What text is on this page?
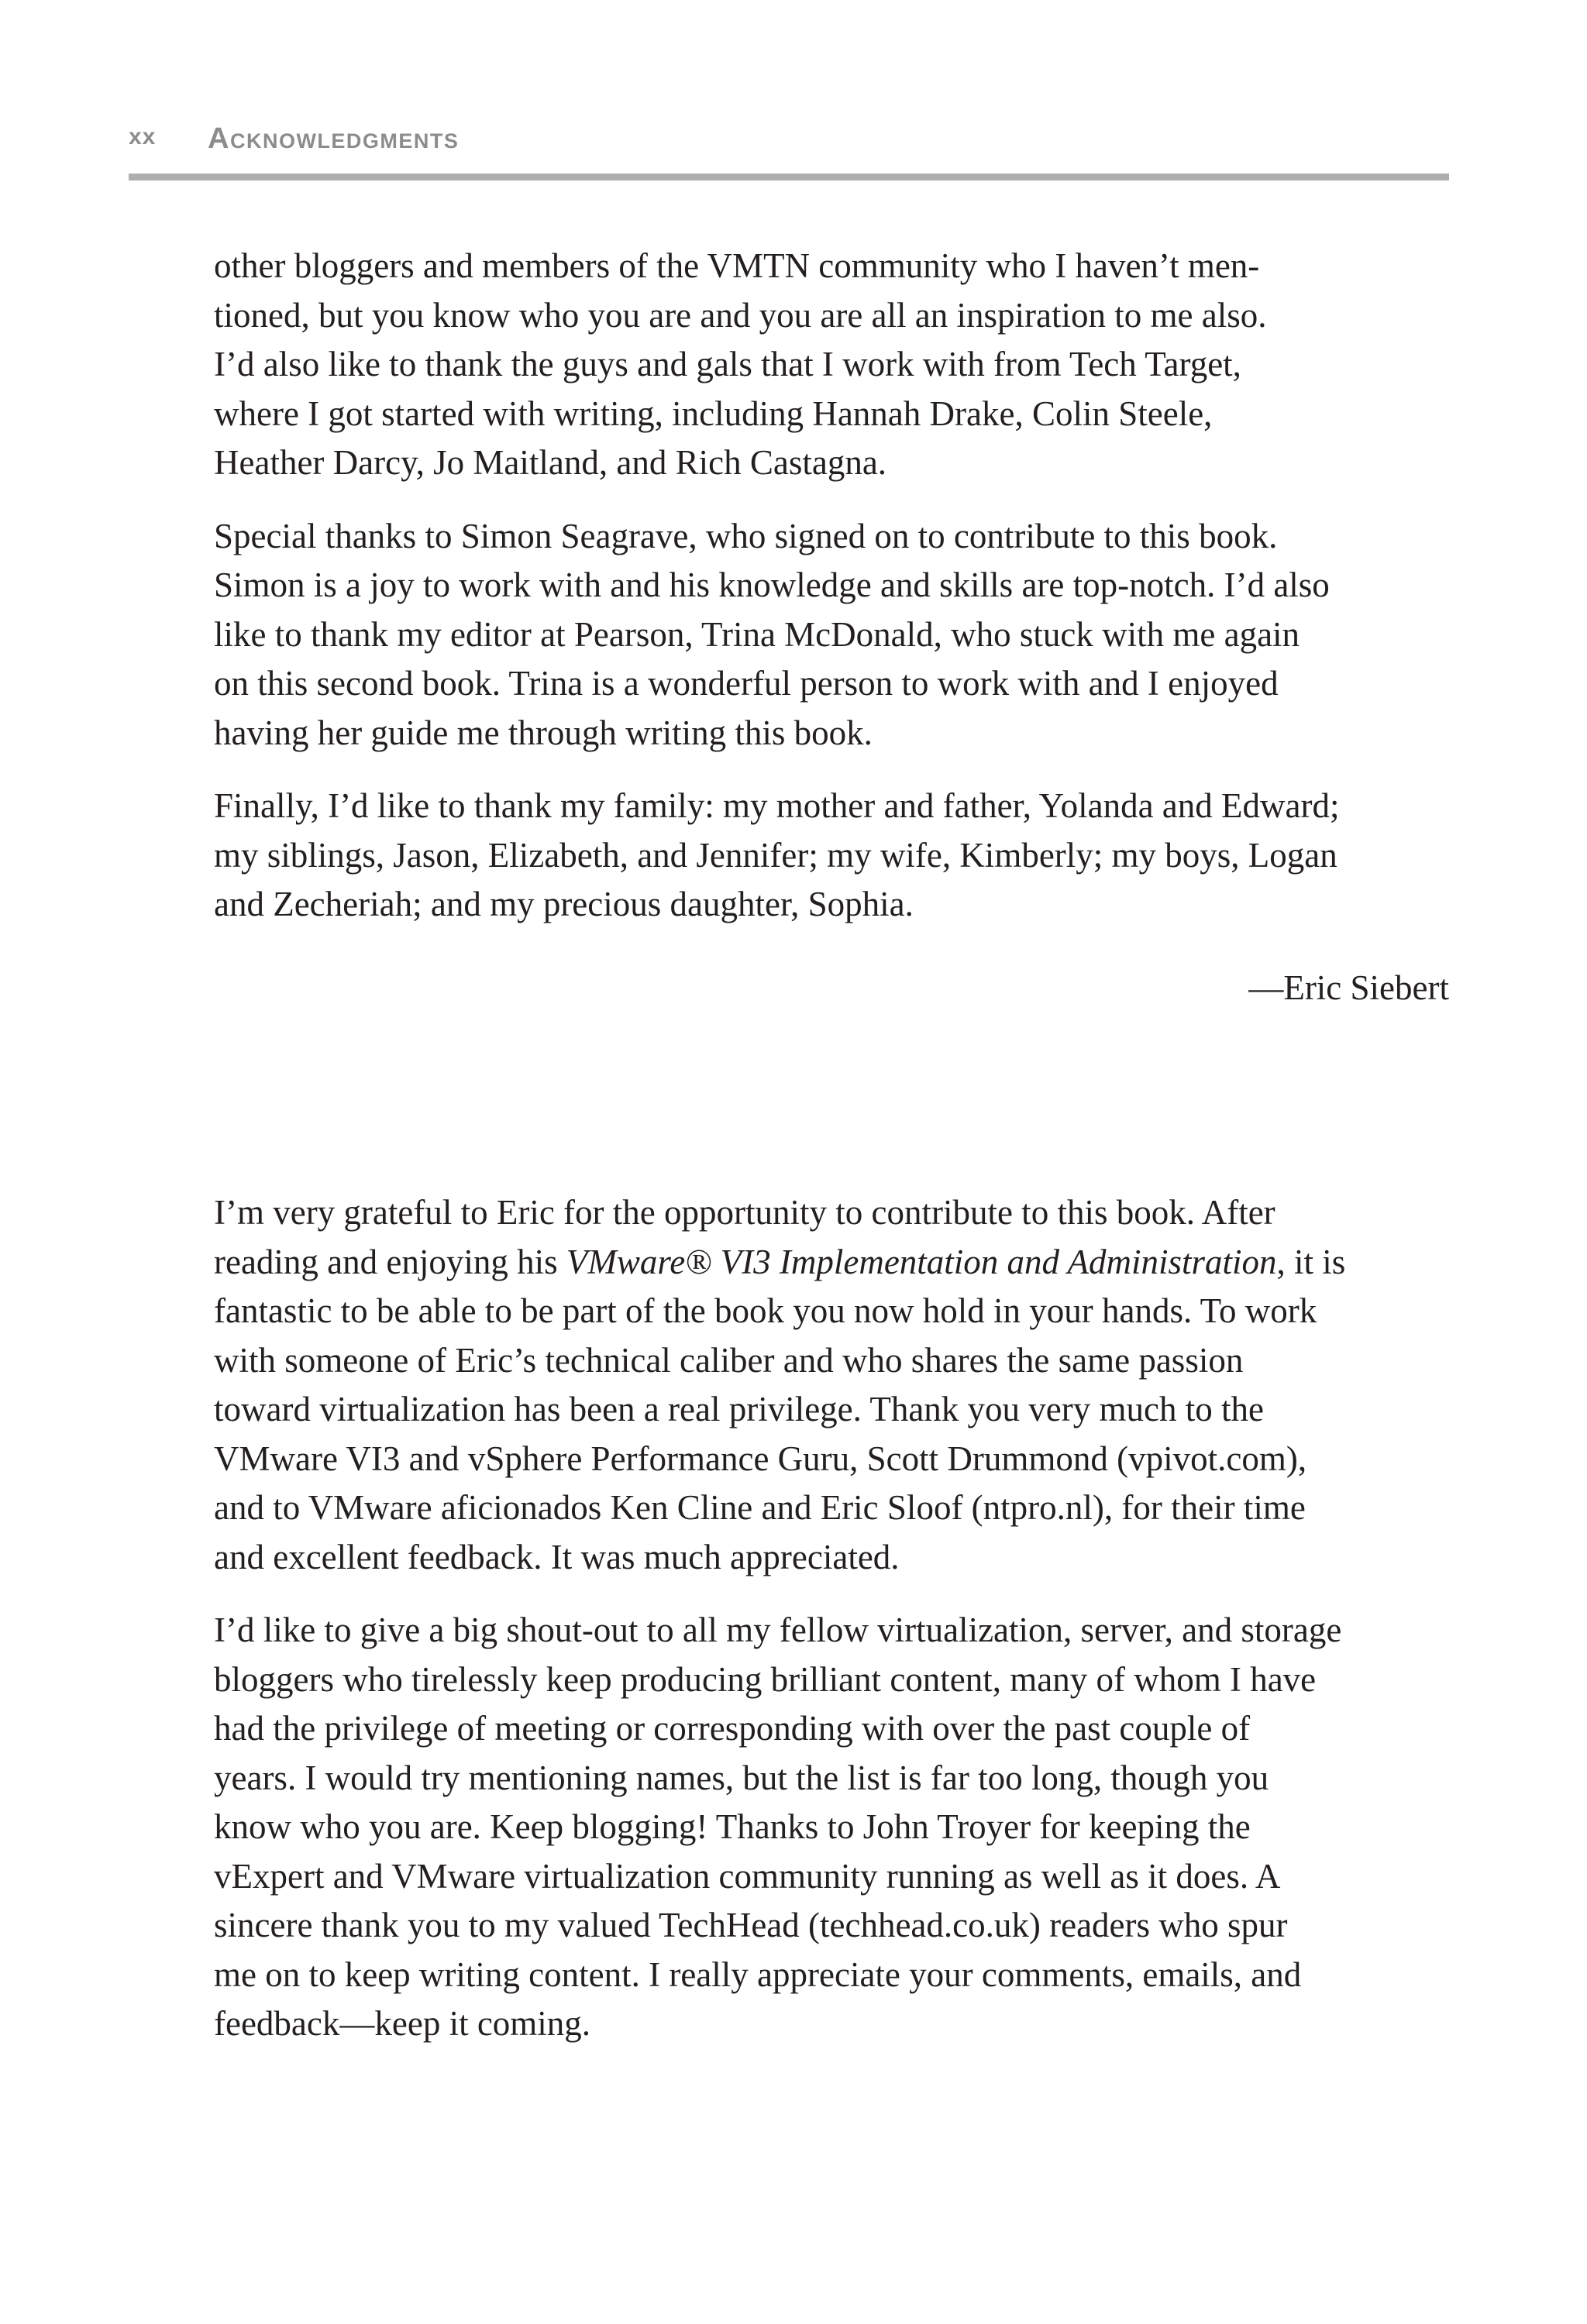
xx Acknowledgments

other bloggers and members of the VMTN community who I haven’t men-
tioned, but you know who you are and you are all an inspiration to me also.
I’d also like to thank the guys and gals that I work with from Tech Target,
where I got started with writing, including Hannah Drake, Colin Steele,
Heather Darcy, Jo Maitland, and Rich Castagna.

Special thanks to Simon Seagrave, who signed on to contribute to this book.
Simon is a joy to work with and his knowledge and skills are top-notch. I’d also
like to thank my editor at Pearson, Trina McDonald, who stuck with me again
on this second book. Trina is a wonderful person to work with and I enjoyed
having her guide me through writing this book.

Finally, I’d like to thank my family: my mother and father, Yolanda and Edward;
my siblings, Jason, Elizabeth, and Jennifer; my wife, Kimberly; my boys, Logan
and Zecheriah; and my precious daughter, Sophia.

—Eric Siebert

I’m very grateful to Eric for the opportunity to contribute to this book. After
reading and enjoying his VMware® VI3 Implementation and Administration, it is
fantastic to be able to be part of the book you now hold in your hands. To work
with someone of Eric’s technical caliber and who shares the same passion
toward virtualization has been a real privilege. Thank you very much to the
VMware VI3 and vSphere Performance Guru, Scott Drummond (vpivot.com),
and to VMware aficionados Ken Cline and Eric Sloof (ntpro.nl), for their time
and excellent feedback. It was much appreciated.

I’d like to give a big shout-out to all my fellow virtualization, server, and storage
bloggers who tirelessly keep producing brilliant content, many of whom I have
had the privilege of meeting or corresponding with over the past couple of
years. I would try mentioning names, but the list is far too long, though you
know who you are. Keep blogging! Thanks to John Troyer for keeping the
vExpert and VMware virtualization community running as well as it does. A
sincere thank you to my valued TechHead (techhead.co.uk) readers who spur
me on to keep writing content. I really appreciate your comments, emails, and
feedback—keep it coming.
